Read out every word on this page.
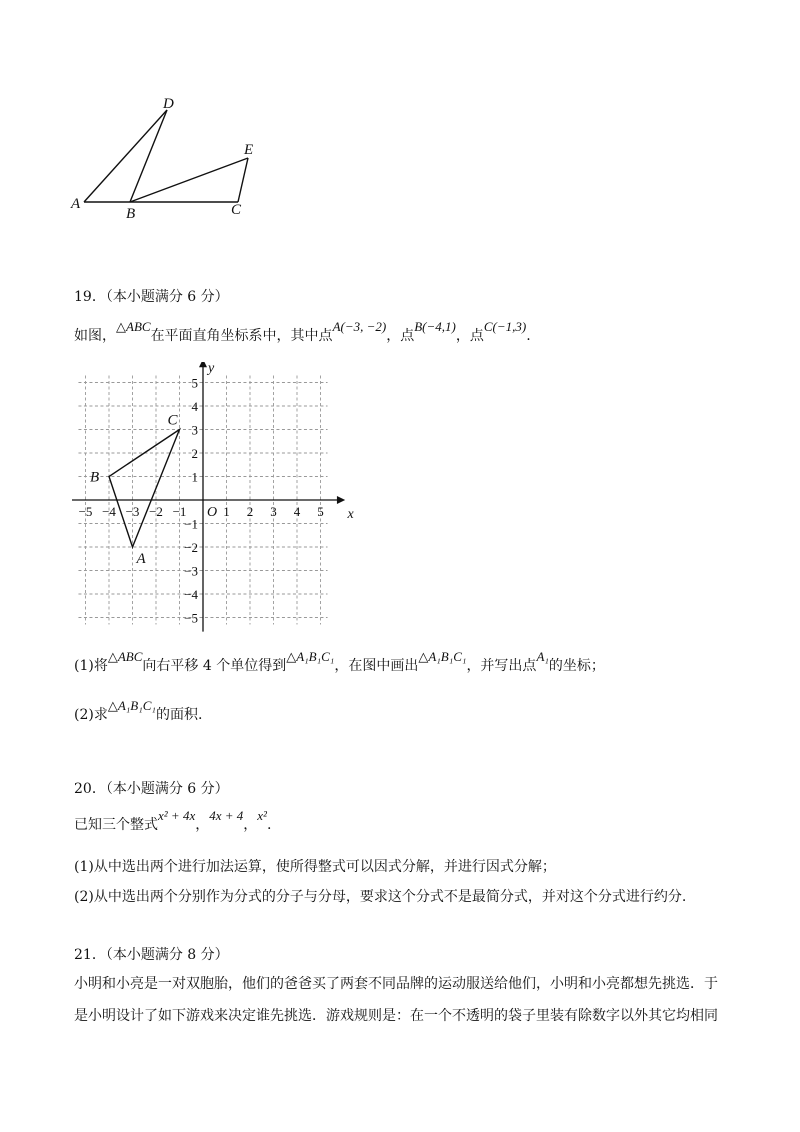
A
B	C
D
E
19．（本小题满分 6 分）
如图，△ABC在平面直角坐标系中，其中点A(−3, −2)，点B(−4,1)，点C(−1,3).
−5 −4 −3 −2 −1	1 2 3 4 5
5
4
3
2
1
−1
−2
−3
−4
−5
x
y
O
A
B
C
(1)将△ABC向右平移 4 个单位得到△A₁B₁C₁，在图中画出△A₁B₁C₁，并写出点A₁的坐标；
(2)求△A₁B₁C₁的面积.
20．（本小题满分 6 分）
已知三个整式x² + 4x，4x + 4，x².
(1)从中选出两个进行加法运算，使所得整式可以因式分解，并进行因式分解；
(2)从中选出两个分别作为分式的分子与分母，要求这个分式不是最简分式，并对这个分式进行约分.
21．（本小题满分 8 分）
小明和小亮是一对双胞胎，他们的爸爸买了两套不同品牌的运动服送给他们，小明和小亮都想先挑选．于是小明设计了如下游戏来决定谁先挑选．游戏规则是：在一个不透明的袋子里装有除数字以外其它均相同
